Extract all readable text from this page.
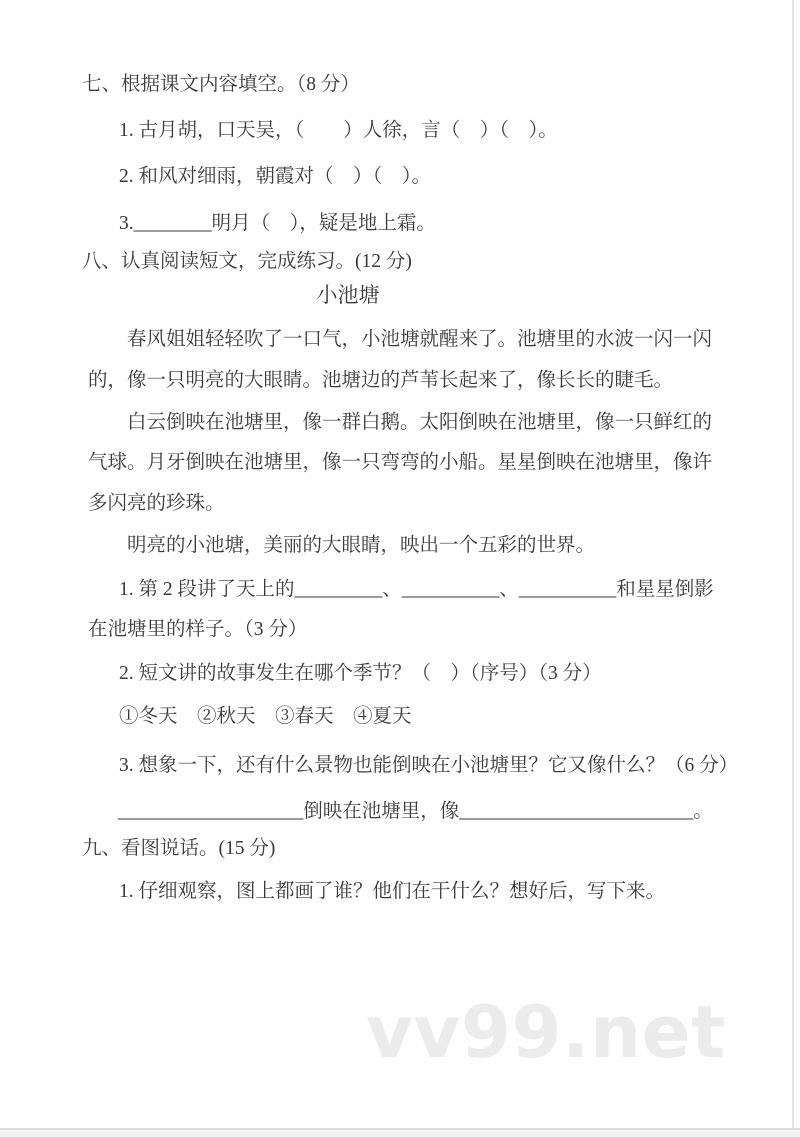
七、根据课文内容填空。（8 分）
1. 古月胡，口天吴，（　　）人徐，言（　）（　）。
2. 和风对细雨，朝霞对（　）（　）。
3.________明月（　），疑是地上霜。
八、认真阅读短文，完成练习。(12 分)
小池塘
春风姐姐轻轻吹了一口气，小池塘就醒来了。池塘里的水波一闪一闪
的，像一只明亮的大眼睛。池塘边的芦苇长起来了，像长长的睫毛。
白云倒映在池塘里，像一群白鹅。太阳倒映在池塘里，像一只鲜红的
气球。月牙倒映在池塘里，像一只弯弯的小船。星星倒映在池塘里，像许
多闪亮的珍珠。
明亮的小池塘，美丽的大眼睛，映出一个五彩的世界。
1. 第 2 段讲了天上的_________、__________、__________和星星倒影
在池塘里的样子。（3 分）
2. 短文讲的故事发生在哪个季节？（　）（序号）（3 分）
①冬天　②秋天　③春天　④夏天
3. 想象一下，还有什么景物也能倒映在小池塘里？它又像什么？（6 分）
___________________倒映在池塘里，像________________________。
九、看图说话。(15 分)
1. 仔细观察，图上都画了谁？他们在干什么？想好后，写下来。
vv99.net
